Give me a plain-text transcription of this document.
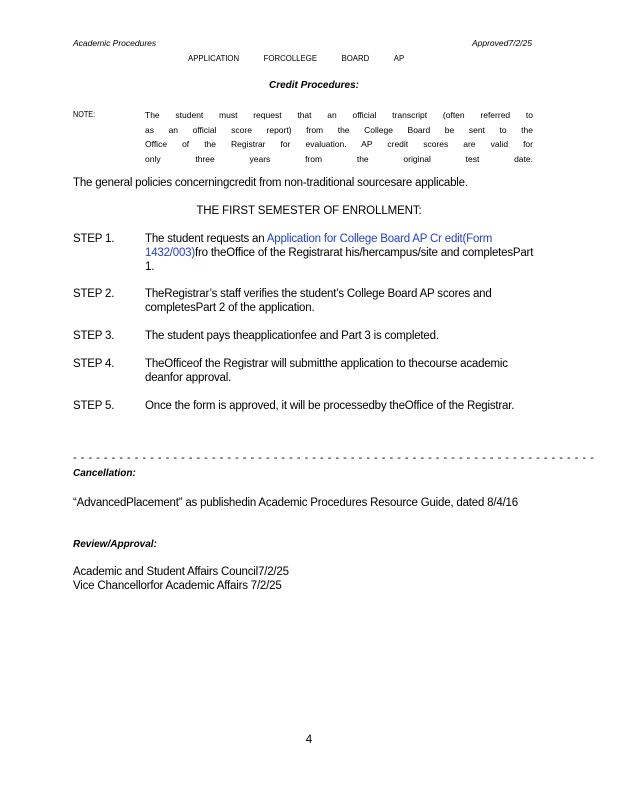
Academic Procedures	Approved7/2/25
APPLICATION	FORCOLLEGE	BOARD	AP
Credit Procedures:
NOTE:	The student must request that an official transcript (often referred to
as an official score report) from the College Board be sent to the
Office of the Registrar for evaluation. AP credit scores are valid for
only three years from the original test date.
The general policies concerningcredit from non-traditional sourcesare applicable.
THE FIRST SEMESTER OF ENROLLMENT:
STEP 1.	The student requests an Application for College Board AP Cr edit(Form 1432/003)fro theOffice of the Registrarat his/hercampus/site and completesPart 1.
STEP 2.	TheRegistrar’s staff verifies the student’s College Board AP scores and completesPart 2 of the application.
STEP 3.	The student pays theapplicationfee and Part 3 is completed.
STEP 4.	TheOfficeof the Registrar will submitthe application to thecourse academic deanfor approval.
STEP 5.	Once the form is approved, it will be processedby theOffice of the Registrar.
- - - - - - - - - - - - - - - - - - - - - - - - - - - - - - - - - - - - - - - - - - - - - - - - - - - - - - - - - - - - - - - - - - - -
Cancellation:
“AdvancedPlacement” as publishedin Academic Procedures Resource Guide, dated 8/4/16
Review/Approval:
Academic and Student Affairs Council7/2/25
Vice Chancellorfor Academic Affairs 7/2/25
4
